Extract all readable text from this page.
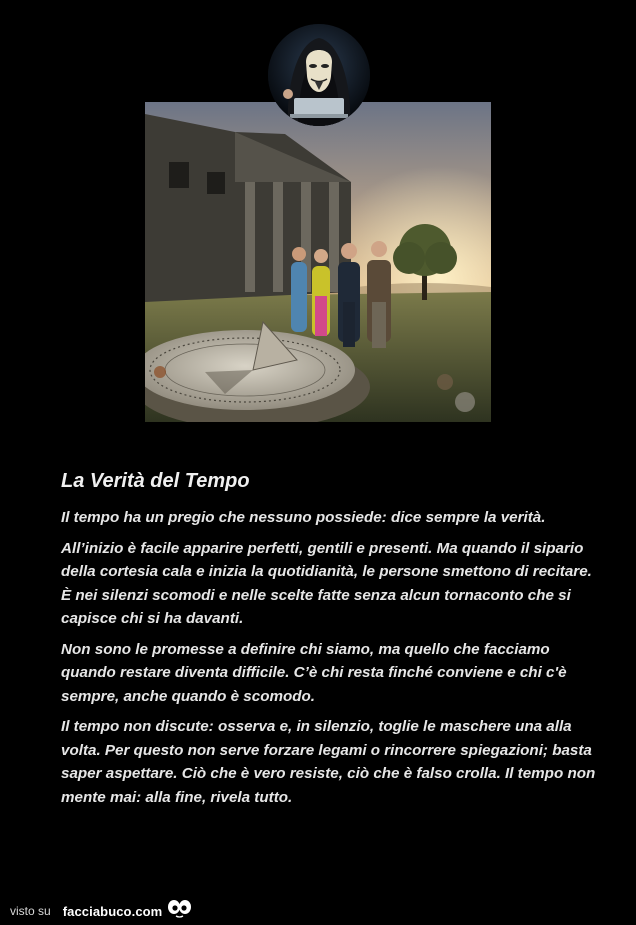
La Verità del Tempo

Il tempo ha un pregio che nessuno possiede: dice sempre la verità.

All’inizio è facile apparire perfetti, gentili e presenti. Ma quando il sipario della cortesia cala e inizia la quotidianità, le persone smettono di recitare. È nei silenzi scomodi e nelle scelte fatte senza alcun tornaconto che si capisce chi si ha davanti.

Non sono le promesse a definire chi siamo, ma quello che facciamo quando restare diventa difficile. C’è chi resta finché conviene e chi c'è sempre, anche quando è scomodo.

Il tempo non discute: osserva e, in silenzio, toglie le maschere una alla volta. Per questo non serve forzare legami o rincorrere spiegazioni; basta saper aspettare. Ciò che è vero resiste, ciò che è falso crolla. Il tempo non mente mai: alla fine, rivela tutto.

visto su facciabuco.com
